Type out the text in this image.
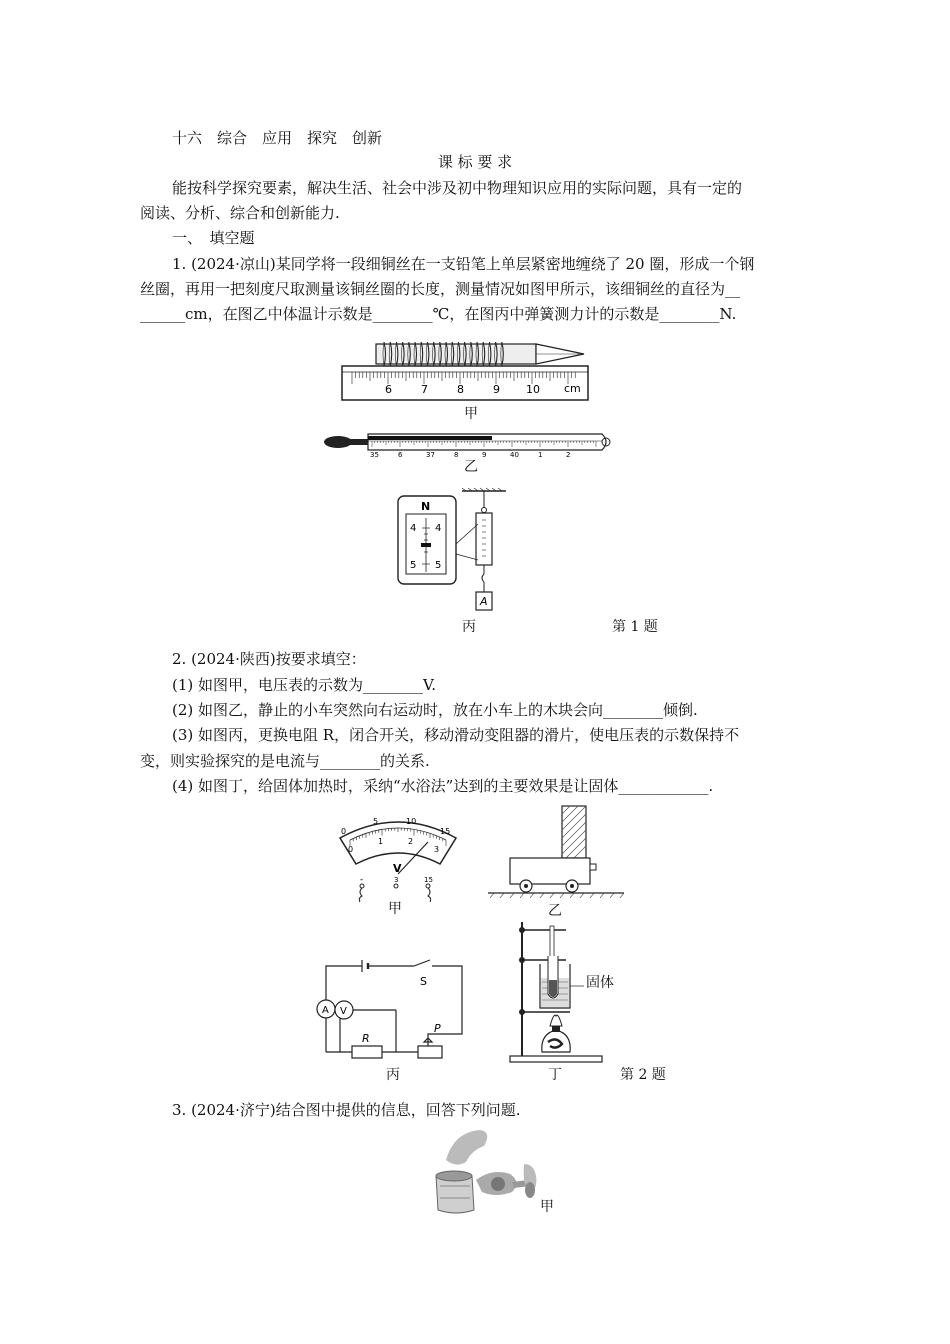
十六　综合　应用　探究　创新
课 标 要 求
能按科学探究要素，解决生活、社会中涉及初中物理知识应用的实际问题，具有一定的
阅读、分析、综合和创新能力.
一、　填空题
1. (2024·凉山)某同学将一段细铜丝在一支铅笔上单层紧密地缠绕了 20 圈，形成一个钢
丝圈，再用一把刻度尺取测量该铜丝圈的长度，测量情况如图甲所示，该细铜丝的直径为__
______cm，在图乙中体温计示数是________℃，在图丙中弹簧测力计的示数是________N.
6	7	8	9 10 cm
甲
35	6	37	8	9	40	1	2
乙
A
N
4 4
5 5
丙	第 1 题
2. (2024·陕西)按要求填空：
(1) 如图甲，电压表的示数为________V.
(2) 如图乙，静止的小车突然向右运动时，放在小车上的木块会向________倾倒.
(3) 如图丙，更换电阻 R，闭合开关，移动滑动变阻器的滑片，使电压表的示数保持不
变，则实验探究的是电流与________的关系.
(4) 如图丁，给固体加热时，采纳“水浴法”达到的主要效果是让固体____________.
0
5	10
15
0
1	2
3
V
-	3	15
甲	乙
A V
S
R
P
丙
固体
丁	第 2 题
3. (2024·济宁)结合图中提供的信息，回答下列问题.
甲
